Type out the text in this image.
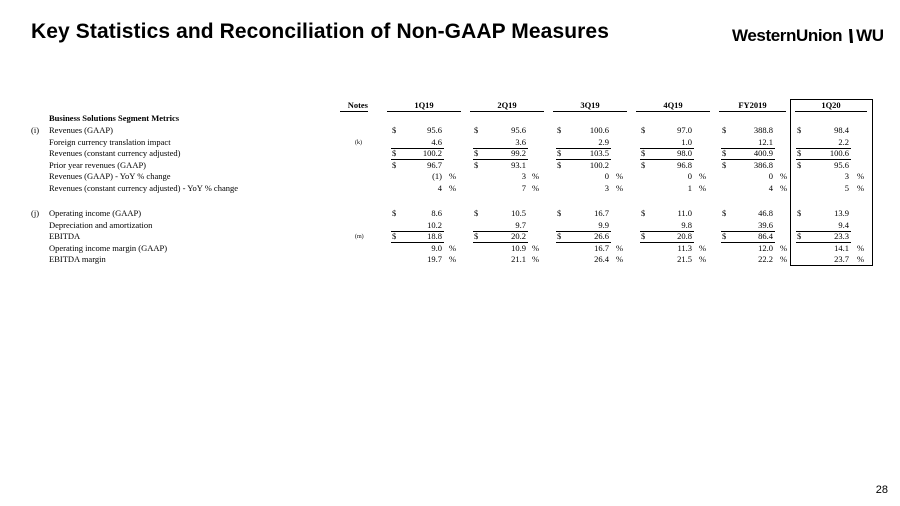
Key Statistics and Reconciliation of Non-GAAP Measures	WesternUnion WU
Notes	1Q19	2Q19	3Q19	4Q19	FY2019	1Q20
Business Solutions Segment Metrics
(i)	Revenues (GAAP)	$	95.6	$	95.6	$	100.6	$	97.0	$	388.8	$	98.4
Foreign currency translation impact	(k)	4.6	3.6	2.9	1.0	12.1	2.2
Revenues (constant currency adjusted)	$	100.2	$	99.2	$	103.5	$	98.0	$	400.9	$	100.6
Prior year revenues (GAAP)	$	96.7	$	93.1	$	100.2	$	96.8	$	386.8	$	95.6
Revenues (GAAP) - YoY % change	(1) %	3 %	0 %	0 %	0 %	3 %
Revenues (constant currency adjusted) - YoY % change	4 %	7 %	3 %	1 %	4 %	5 %
(j)	Operating income (GAAP)	$	8.6	$	10.5	$	16.7	$	11.0	$	46.8	$	13.9
Depreciation and amortization	10.2	9.7	9.9	9.8	39.6	9.4
EBITDA	(m)	$	18.8	$	20.2	$	26.6	$	20.8	$	86.4	$	23.3
Operating income margin (GAAP)	9.0 %	10.9 %	16.7 %	11.3 %	12.0 %	14.1 %
EBITDA margin	19.7 %	21.1 %	26.4 %	21.5 %	22.2 %	23.7 %
28
